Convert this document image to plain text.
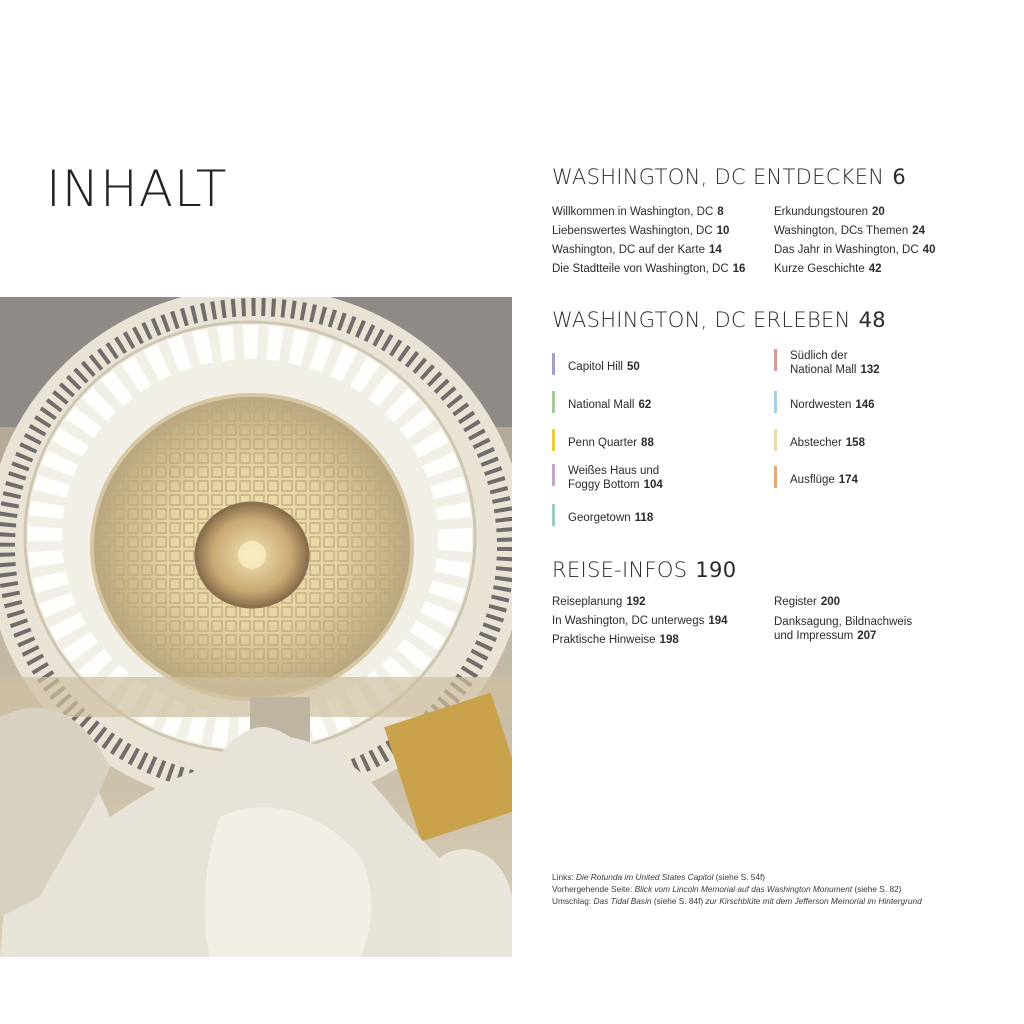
INHALT	WASHINGTON, DC ENTDECKEN 6
Willkommen in Washington, DC 8
Liebenswertes Washington, DC 10
Washington, DC auf der Karte 14
Die Stadtteile von Washington, DC 16
Erkundungstouren 20
Washington, DCs Themen 24
Das Jahr in Washington, DC 40
Kurze Geschichte 42
WASHINGTON, DC ERLEBEN 48
Capitol Hill 50
National Mall 62
Penn Quarter 88
Weißes Haus und
Foggy Bottom 104
Georgetown 118
Südlich der
National Mall 132
Nordwesten 146
Abstecher 158
Ausflüge 174
REISE-INFOS 190
Reiseplanung 192
In Washington, DC unterwegs 194
Praktische Hinweise 198
Register 200
Danksagung, Bildnachweis
und Impressum 207
Links: Die Rotunda im United States Capitol (siehe S. 54f)
Vorhergehende Seite: Blick vom Lincoln Memorial auf das Washington Monument (siehe S. 82)
Umschlag: Das Tidal Basin (siehe S. 84f) zur Kirschblüte mit dem Jefferson Memorial im Hintergrund
